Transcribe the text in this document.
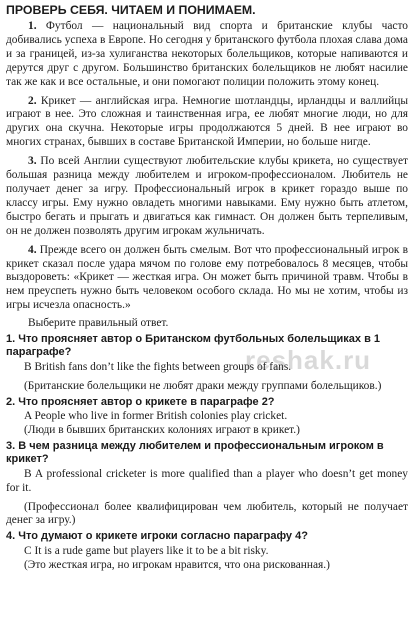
ПРОВЕРЬ СЕБЯ. ЧИТАЕМ И ПОНИМАЕМ.

1. Футбол — национальный вид спорта и британские клубы часто добивались успеха в Европе. Но сегодня у британского футбола плохая слава дома и за границей, из-за хулиганства некоторых болельщиков, которые напиваются и дерутся друг с другом. Большинство британских болельщиков не любят насилие так же как и все остальные, и они помогают полиции положить этому конец.

2. Крикет — английская игра. Немногие шотландцы, ирландцы и валлийцы играют в нее. Это сложная и таинственная игра, ее любят многие люди, но для других она скучна. Некоторые игры продолжаются 5 дней. В нее играют во многих странах, бывших в составе Британской Империи, но больше нигде.

3. По всей Англии существуют любительские клубы крикета, но существует большая разница между любителем и игроком-профессионалом. Любитель не получает денег за игру. Профессиональный игрок в крикет гораздо выше по классу игры. Ему нужно овладеть многими навыками. Ему нужно быть атлетом, быстро бегать и прыгать и двигаться как гимнаст. Он должен быть терпеливым, он не должен позволять другим игрокам жульничать.

4. Прежде всего он должен быть смелым. Вот что профессиональный игрок в крикет сказал после удара мячом по голове ему потребовалось 8 месяцев, чтобы выздороветь: «Крикет — жесткая игра. Он может быть причиной травм. Чтобы в нем преуспеть нужно быть человеком особого склада. Но мы не хотим, чтобы из игры исчезла опасность.»

Выберите правильный ответ.

1. Что проясняет автор о Британском футбольных болельщиках в 1 параграфе?

B British fans don’t like the fights between groups of fans.

(Британские болельщики не любят драки между группами болельщиков.)

2. Что проясняет автор о крикете в параграфе 2?

A People who live in former British colonies play cricket.

(Люди в бывших британских колониях играют в крикет.)

3. В чем разница между любителем и профессиональным игроком в крикет?

B A professional cricketer is more qualified than a player who doesn’t get money for it.

(Профессионал более квалифицирован чем любитель, который не получает денег за игру.)

4. Что думают о крикете игроки согласно параграфу 4?

C It is a rude game but players like it to be a bit risky.

(Это жесткая игра, но игрокам нравится, что она рискованная.)

reshak.ru
